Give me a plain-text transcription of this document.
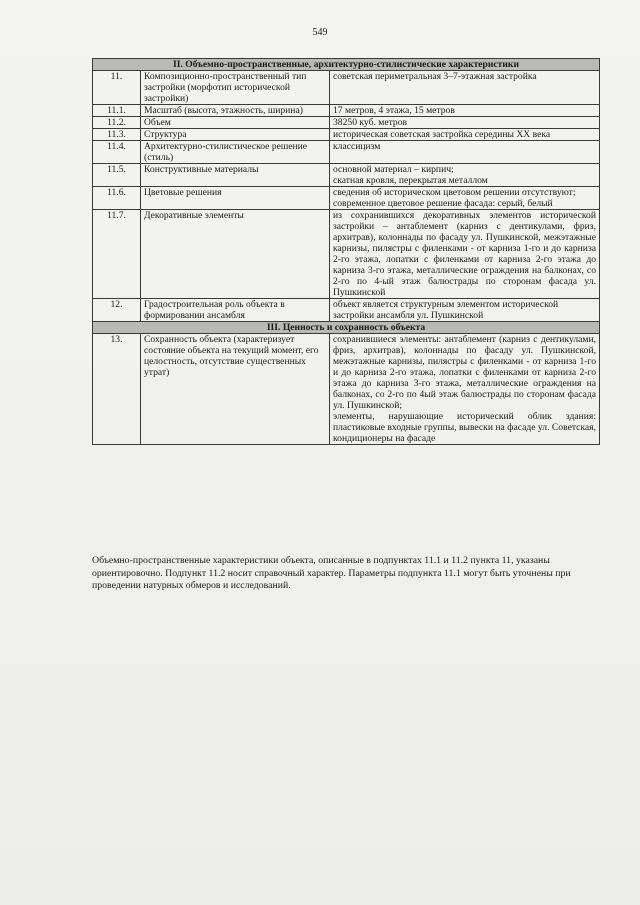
549
II. Объемно-пространственные, архитектурно-стилистические характеристики		
11.	Композиционно-пространственный тип застройки (морфотип исторической застройки)	советская периметральная 3–7-этажная застройка

11.1.	Масштаб (высота, этажность, ширина)	17 метров, 4 этажа, 15 метров

11.2.	Объем	38250 куб. метров

11.3.	Структура	историческая советская застройка середины XX века

11.4.	Архитектурно-стилистическое решение (стиль)	классицизм

11.5.	Конструктивные материалы	основной материал – кирпич;
скатная кровля, перекрытая металлом

11.6.	Цветовые решения	сведения об историческом цветовом решении отсутствуют;
современное цветовое решение фасада: серый, белый

11.7.	Декоративные элементы	из сохранившихся декоративных элементов исторической застройки – антаблемент (карниз с дентикулами, фриз, архитрав), колоннады по фасаду ул. Пушкинской, межэтажные карнизы, пилястры с филенками - от карниза 1-го и до карниза 2-го этажа, лопатки с филенками от карниза 2-го этажа до карниза 3-го этажа, металлические ограждения на балконах, со 2-го по 4-ый этаж балюстрады по сторонам фасада ул. Пушкинской

12.	Градостроительная роль объекта в формировании ансамбля	объект является структурным элементом исторической застройки ансамбля ул. Пушкинской

III. Ценность и сохранность объекта		
13.	Сохранность объекта (характеризует состояние объекта на текущий момент, его целостность, отсутствие существенных утрат)	сохранившиеся элементы: антаблемент (карниз с дентикулами, фриз, архитрав), колоннады по фасаду ул. Пушкинской, межэтажные карнизы, пилястры с филенками - от карниза 1-го и до карниза 2-го этажа, лопатки с филенками от карниза 2-го этажа до карниза 3-го этажа, металлические ограждения на балконах, со 2-го по 4ый этаж балюстрады по сторонам фасада ул. Пушкинской;
элементы, нарушающие исторический облик здания: пластиковые входные группы, вывески на фасаде ул. Советская, кондиционеры на фасаде
Объемно-пространственные характеристики объекта, описанные в подпунктах 11.1 и 11.2 пункта 11, указаны ориентировочно. Подпункт 11.2 носит справочный характер. Параметры подпункта 11.1 могут быть уточнены при проведении натурных обмеров и исследований.
